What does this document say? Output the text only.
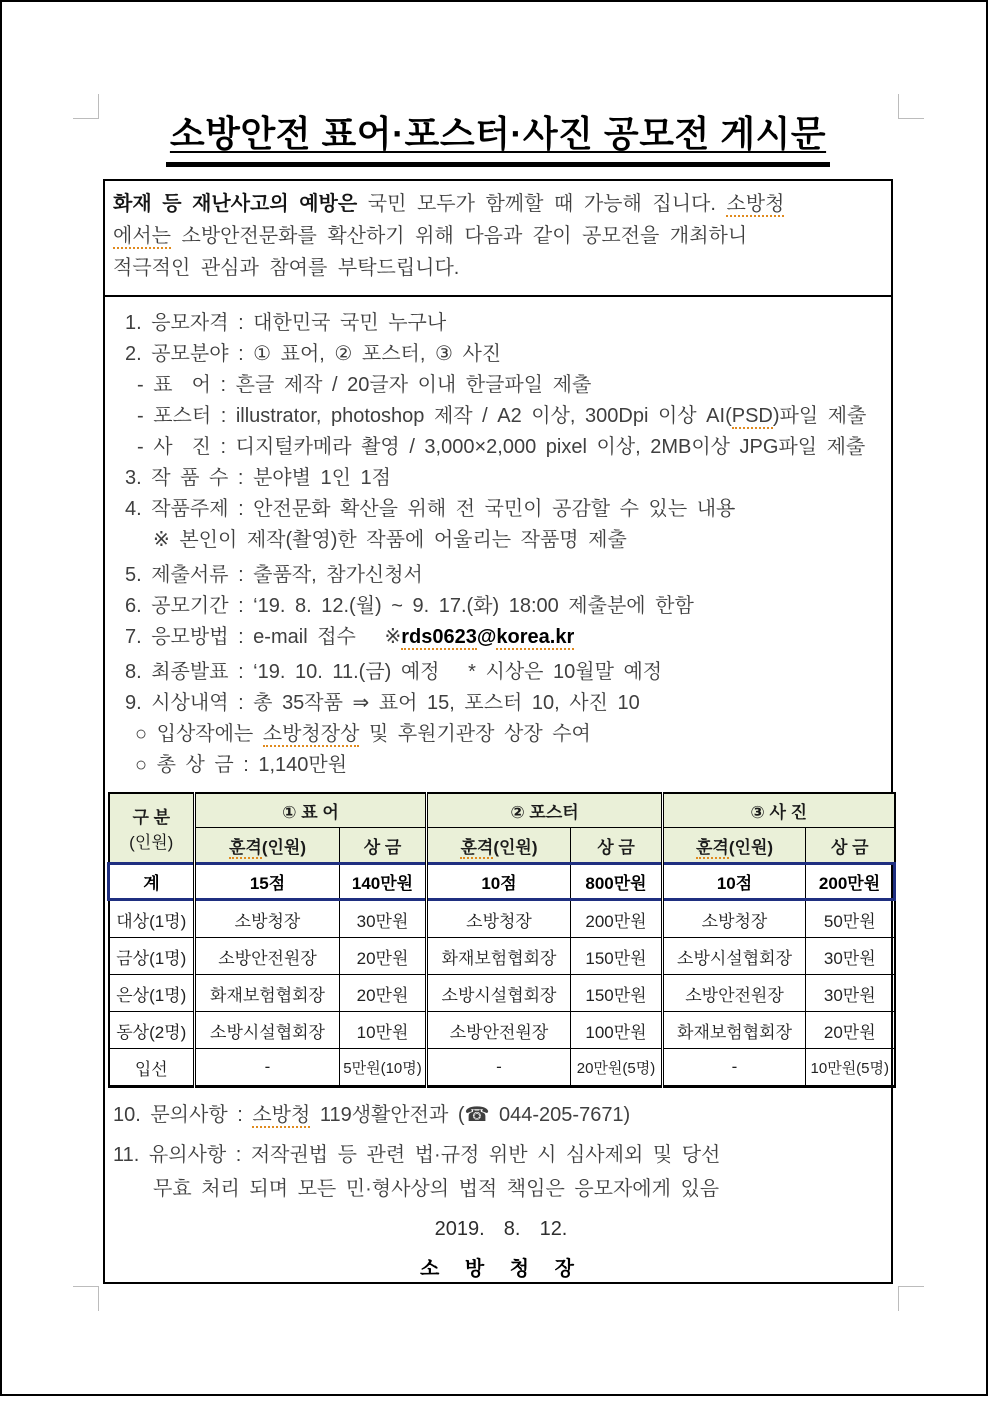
소방안전 표어·포스터·사진 공모전 게시문
화재 등 재난사고의 예방은 국민 모두가 함께할 때 가능해 집니다. 소방청
에서는 소방안전문화를 확산하기 위해 다음과 같이 공모전을 개최하니
적극적인 관심과 참여를 부탁드립니다.

1. 응모자격 : 대한민국 국민 누구나

2. 공모분야 : ① 표어, ② 포스터, ③ 사진

- 표  어 : 흔글 제작 / 20글자 이내 한글파일 제출

- 포스터 : illustrator, photoshop 제작 / A2 이상, 300Dpi 이상 AI(PSD)파일 제출

- 사  진 : 디지털카메라 촬영 / 3,000×2,000 pixel 이상, 2MB이상 JPG파일 제출

3. 작 품 수 : 분야별 1인 1점

4. 작품주제 : 안전문화 확산을 위해 전 국민이 공감할 수 있는 내용

※ 본인이 제작(촬영)한 작품에 어울리는 작품명 제출

5. 제출서류 : 출품작, 참가신청서

6. 공모기간 : ‘19. 8. 12.(월) ~ 9. 17.(화) 18:00 제출분에 한함

7. 응모방법 : e-mail 접수   ※rds0623@korea.kr

8. 최종발표 : ‘19. 10. 11.(금) 예정   * 시상은 10월말 예정

9. 시상내역 : 총 35작품 ⇒ 표어 15, 포스터 10, 사진 10

○ 입상작에는 소방청장상 및 후원기관장 상장 수여

○ 총 상 금 : 1,140만원

구 분
(인원)	① 표 어		② 포스터		③ 사 진	
	훈격(인원)	상 금	훈격(인원)	상 금	훈격(인원)	상 금
계	15점	140만원	10점	800만원	10점	200만원
대상(1명)	소방청장	30만원	소방청장	200만원	소방청장	50만원
금상(1명)	소방안전원장	20만원	화재보험협회장	150만원	소방시설협회장	30만원
은상(1명)	화재보험협회장	20만원	소방시설협회장	150만원	소방안전원장	30만원
동상(2명)	소방시설협회장	10만원	소방안전원장	100만원	화재보험협회장	20만원
입선	-	5만원(10명)	-	20만원(5명)	-	10만원(5명)

10. 문의사항 : 소방청 119생활안전과 (☎ 044-205-7671)

11. 유의사항 : 저작권법 등 관련 법·규정 위반 시 심사제외 및 당선

무효 처리 되며 모든 민·형사상의 법적 책임은 응모자에게 있음

2019.  8.  12.

소 방 청 장
